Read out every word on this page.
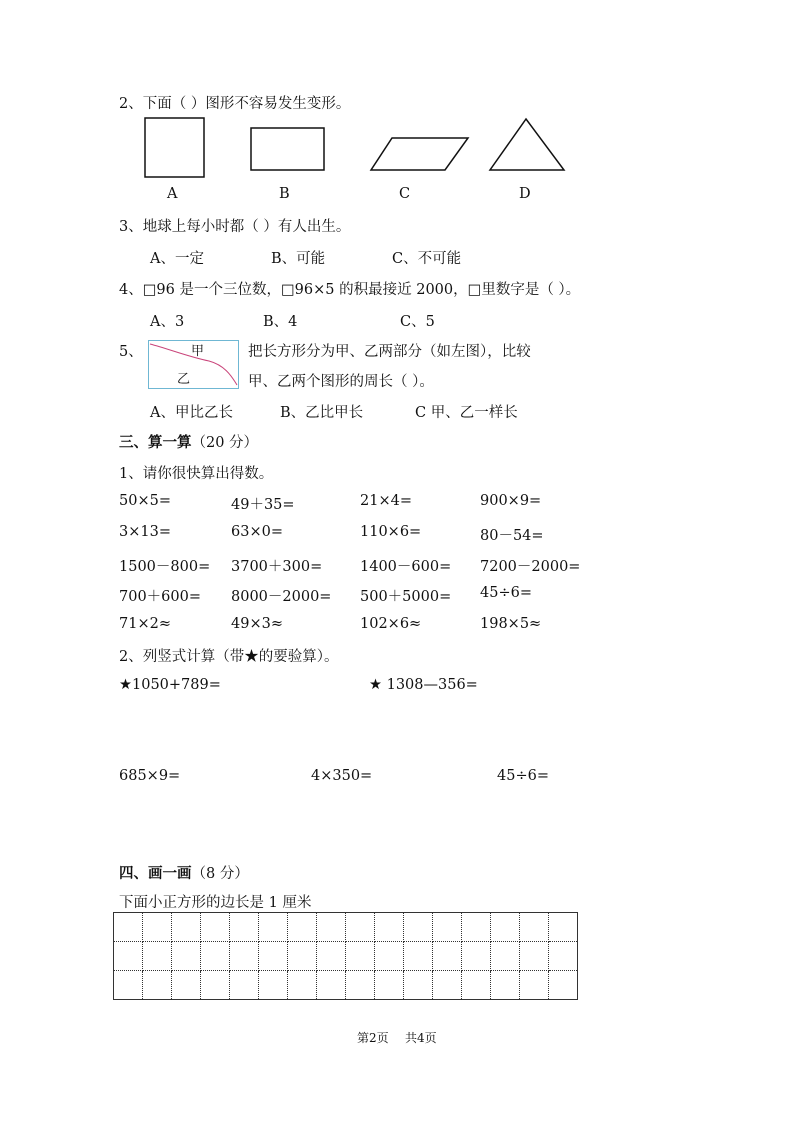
2、下面（ ）图形不容易发生变形。
A	B	C	D
3、地球上每小时都（ ）有人出生。
A、一定	B、可能	C、不可能
4、□96 是一个三位数，□96×5 的积最接近 2000，□里数字是（ ）。
A、3	B、4	C、5
5、	甲
乙
把长方形分为甲、乙两部分（如左图），比较
甲、乙两个图形的周长（ ）。
A、甲比乙长	B、乙比甲长	C 甲、乙一样长
三、算一算（20 分）
1、请你很快算出得数。
50×5=	49＋35=	21×4=	900×9=
3×13=	63×0=	110×6=	80－54=
1500－800= 3700＋300=	1400－600= 7200－2000=
700＋600= 8000－2000= 500＋5000= 45÷6=
71×2≈	49×3≈	102×6≈	198×5≈
2、列竖式计算（带★的要验算）。
★1050+789=	★ 1308—356=
685×9=	4×350=	45÷6=
四、画一画（8 分）
下面小正方形的边长是 1 厘米

第2页 共4页
